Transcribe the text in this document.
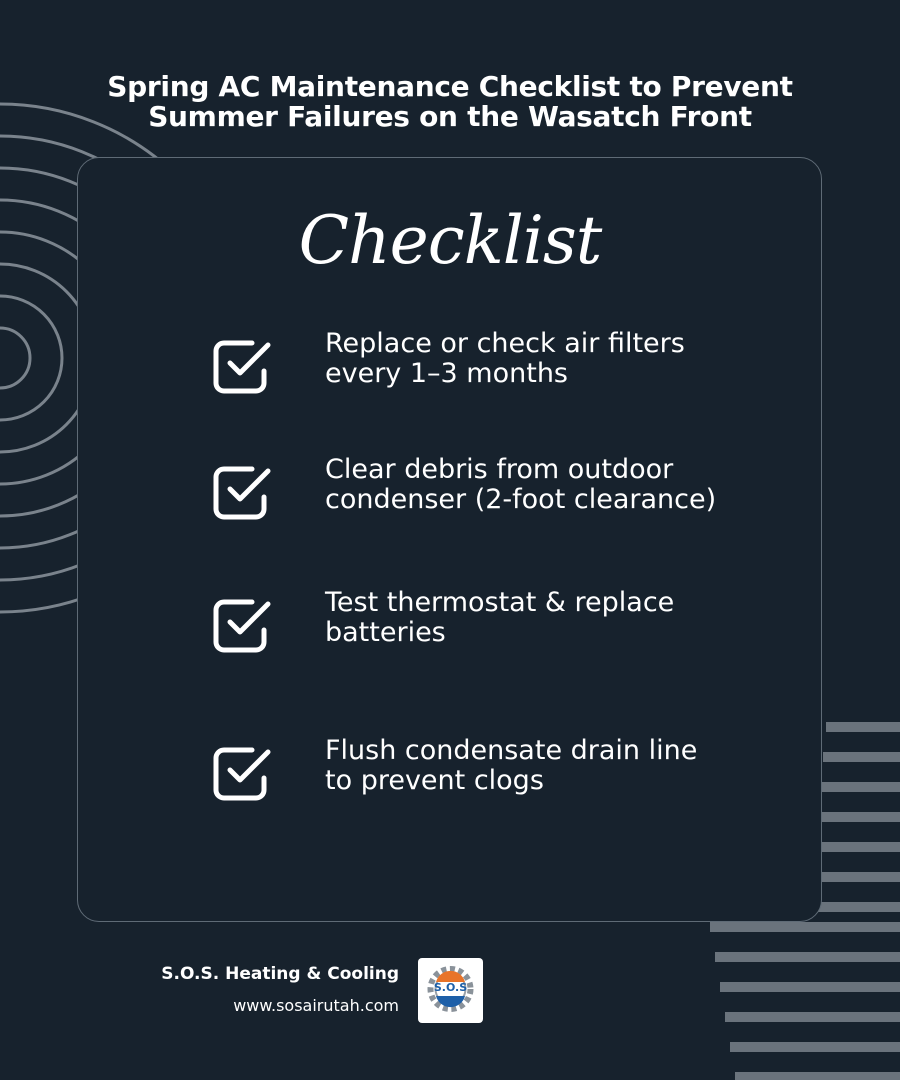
Spring AC Maintenance Checklist to Prevent
Summer Failures on the Wasatch Front
Checklist
Replace or check air filters
every 1–3 months
Clear debris from outdoor
condenser (2-foot clearance)
Test thermostat & replace
batteries
Flush condensate drain line
to prevent clogs
S.O.S. Heating & Cooling
www.sosairutah.com
S.O.S
